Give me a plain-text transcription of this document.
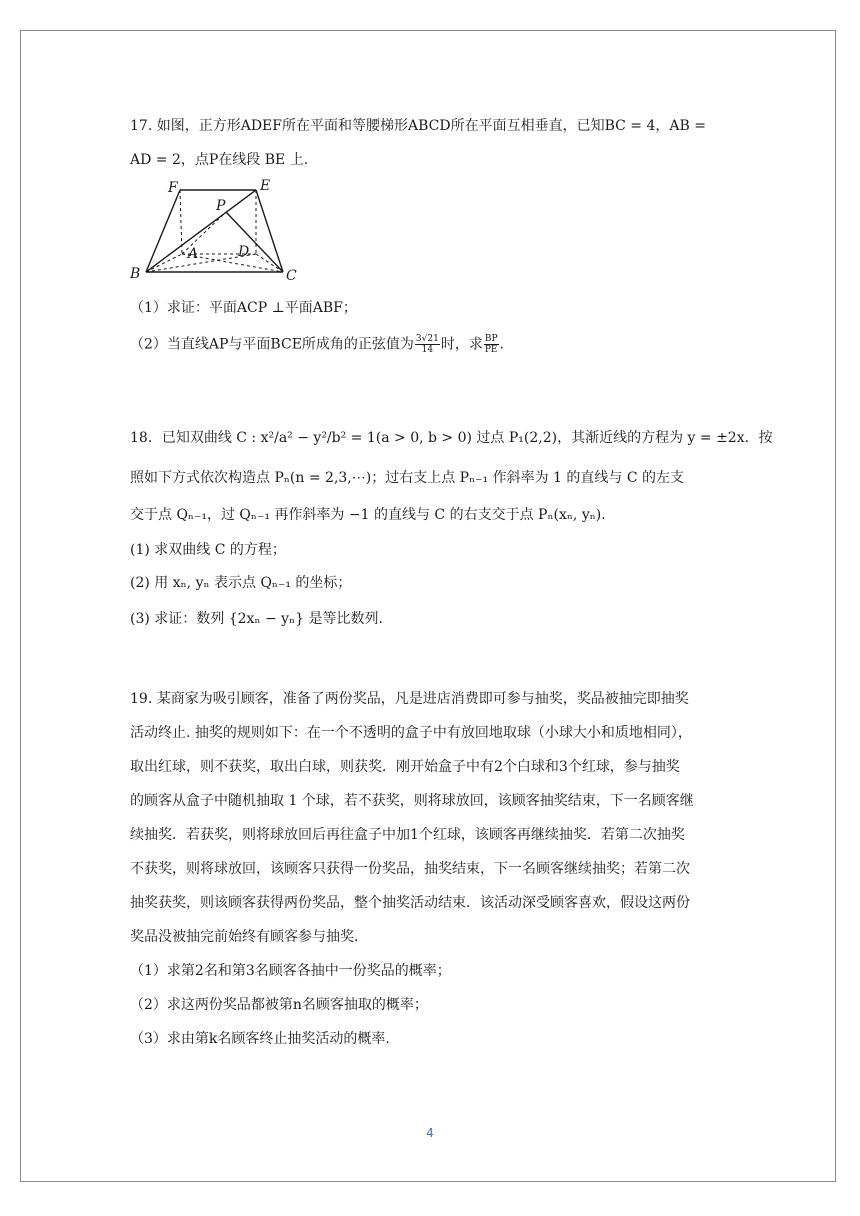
17. 如图，正方形ADEF所在平面和等腰梯形ABCD所在平面互相垂直，已知BC = 4，AB =
AD = 2，点P在线段 BE 上.
（1）求证：平面ACP ⊥平面ABF；
（2）当直线AP与平面BCE所成角的正弦值为 $\frac{3√21}{14}$ 时，求 $\frac{BP}{PE}$ .
18．已知双曲线 C : x²/a² − y²/b² = 1(a > 0, b > 0) 过点 P₁(2,2)，其渐近线的方程为 y = ±2x．按
照如下方式依次构造点 Pₙ(n = 2,3,⋯)；过右支上点 Pₙ₋₁ 作斜率为 1 的直线与 C 的左支
交于点 Qₙ₋₁，过 Qₙ₋₁ 再作斜率为 −1 的直线与 C 的右支交于点 Pₙ(xₙ, yₙ).
(1) 求双曲线 C 的方程；
(2) 用 xₙ, yₙ 表示点 Qₙ₋₁ 的坐标；
(3) 求证：数列 {2xₙ − yₙ} 是等比数列.
19. 某商家为吸引顾客，准备了两份奖品，凡是进店消费即可参与抽奖，奖品被抽完即抽奖
活动终止. 抽奖的规则如下：在一个不透明的盒子中有放回地取球（小球大小和质地相同），
取出红球，则不获奖，取出白球，则获奖．刚开始盒子中有2个白球和3个红球，参与抽奖
的顾客从盒子中随机抽取 1 个球，若不获奖，则将球放回，该顾客抽奖结束，下一名顾客继
续抽奖．若获奖，则将球放回后再往盒子中加1个红球，该顾客再继续抽奖．若第二次抽奖
不获奖，则将球放回，该顾客只获得一份奖品，抽奖结束，下一名顾客继续抽奖；若第二次
抽奖获奖，则该顾客获得两份奖品，整个抽奖活动结束．该活动深受顾客喜欢，假设这两份
奖品没被抽完前始终有顾客参与抽奖.
（1）求第2名和第3名顾客各抽中一份奖品的概率；
（2）求这两份奖品都被第n名顾客抽取的概率；
（3）求由第k名顾客终止抽奖活动的概率.
F	E
P
A	D
B	C
4
